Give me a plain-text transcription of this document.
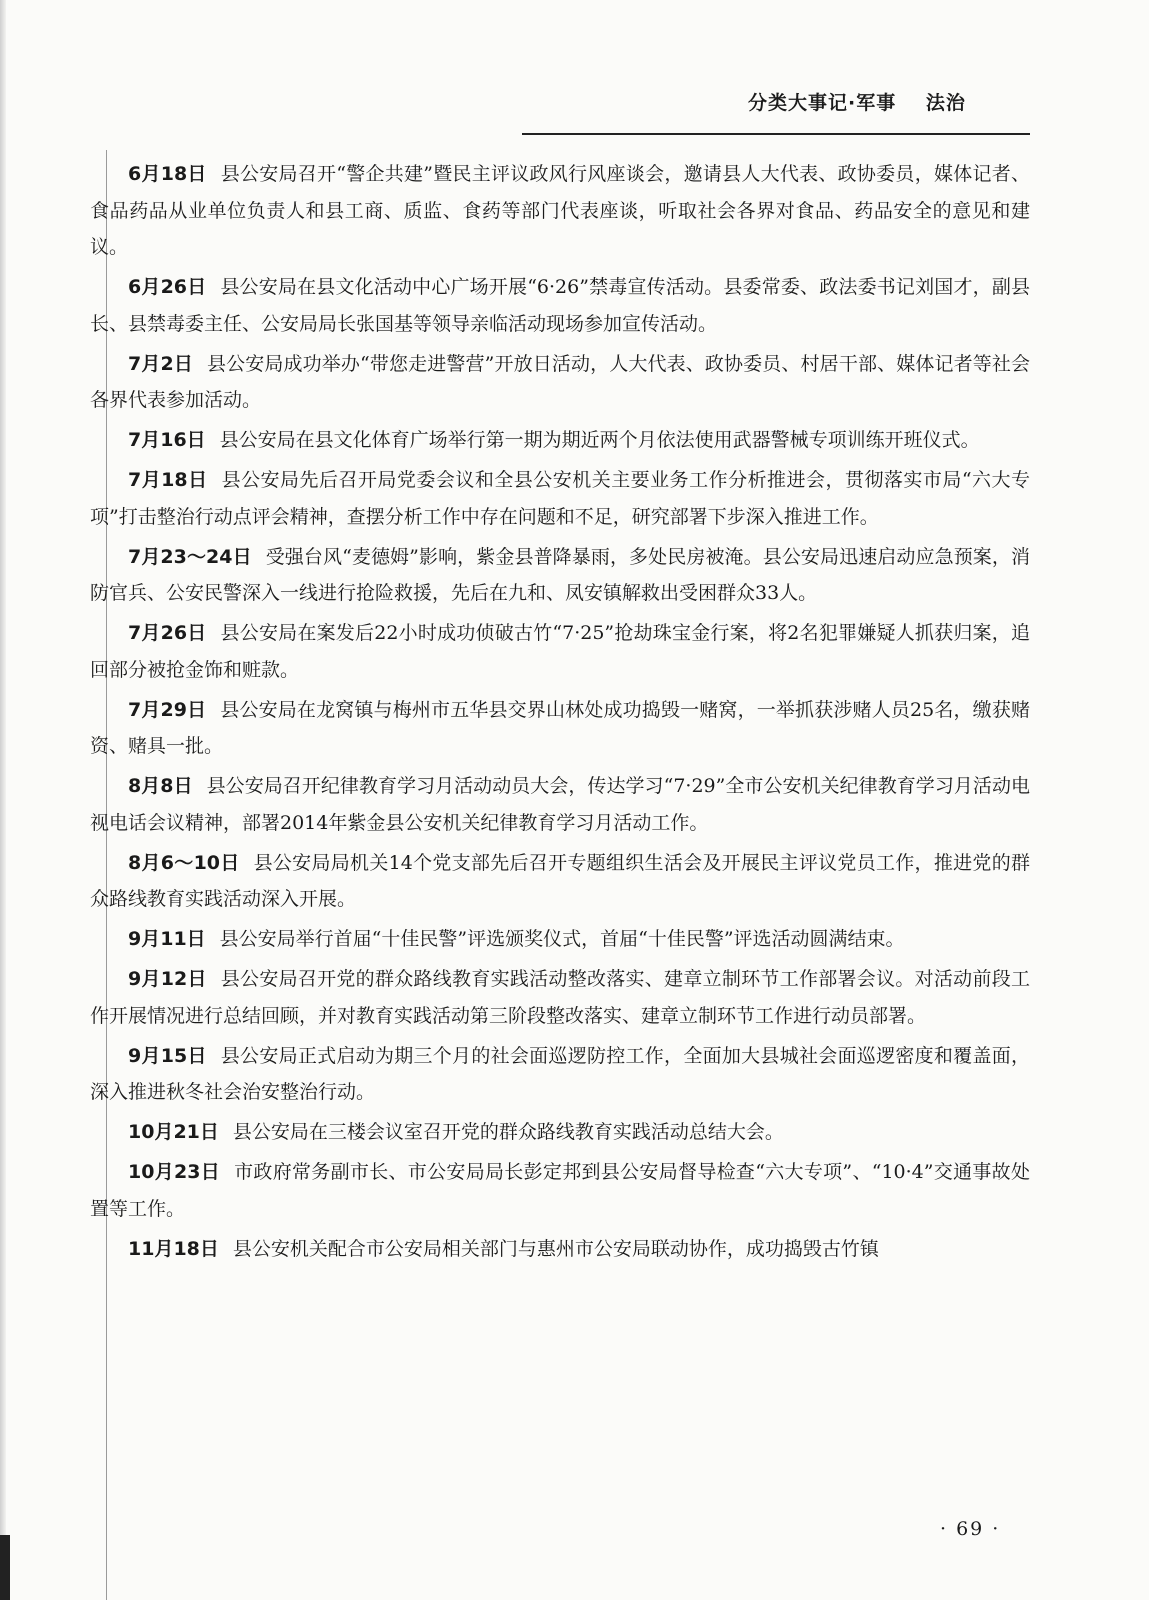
分类大事记·军事 法治

6月18日 县公安局召开“警企共建”暨民主评议政风行风座谈会，邀请县人大代表、政协委员，媒体记者、食品药品从业单位负责人和县工商、质监、食药等部门代表座谈，听取社会各界对食品、药品安全的意见和建议。

6月26日 县公安局在县文化活动中心广场开展“6·26”禁毒宣传活动。县委常委、政法委书记刘国才，副县长、县禁毒委主任、公安局局长张国基等领导亲临活动现场参加宣传活动。

7月2日 县公安局成功举办“带您走进警营”开放日活动，人大代表、政协委员、村居干部、媒体记者等社会各界代表参加活动。

7月16日 县公安局在县文化体育广场举行第一期为期近两个月依法使用武器警械专项训练开班仪式。

7月18日 县公安局先后召开局党委会议和全县公安机关主要业务工作分析推进会，贯彻落实市局“六大专项”打击整治行动点评会精神，查摆分析工作中存在问题和不足，研究部署下步深入推进工作。

7月23～24日 受强台风“麦德姆”影响，紫金县普降暴雨，多处民房被淹。县公安局迅速启动应急预案，消防官兵、公安民警深入一线进行抢险救援，先后在九和、凤安镇解救出受困群众33人。

7月26日 县公安局在案发后22小时成功侦破古竹“7·25”抢劫珠宝金行案，将2名犯罪嫌疑人抓获归案，追回部分被抢金饰和赃款。

7月29日 县公安局在龙窝镇与梅州市五华县交界山林处成功捣毁一赌窝，一举抓获涉赌人员25名，缴获赌资、赌具一批。

8月8日 县公安局召开纪律教育学习月活动动员大会，传达学习“7·29”全市公安机关纪律教育学习月活动电视电话会议精神，部署2014年紫金县公安机关纪律教育学习月活动工作。

8月6～10日 县公安局局机关14个党支部先后召开专题组织生活会及开展民主评议党员工作，推进党的群众路线教育实践活动深入开展。

9月11日 县公安局举行首届“十佳民警”评选颁奖仪式，首届“十佳民警”评选活动圆满结束。

9月12日 县公安局召开党的群众路线教育实践活动整改落实、建章立制环节工作部署会议。对活动前段工作开展情况进行总结回顾，并对教育实践活动第三阶段整改落实、建章立制环节工作进行动员部署。

9月15日 县公安局正式启动为期三个月的社会面巡逻防控工作，全面加大县城社会面巡逻密度和覆盖面，深入推进秋冬社会治安整治行动。

10月21日 县公安局在三楼会议室召开党的群众路线教育实践活动总结大会。

10月23日 市政府常务副市长、市公安局局长彭定邦到县公安局督导检查“六大专项”、“10·4”交通事故处置等工作。

11月18日 县公安机关配合市公安局相关部门与惠州市公安局联动协作，成功捣毁古竹镇

· 69 ·
